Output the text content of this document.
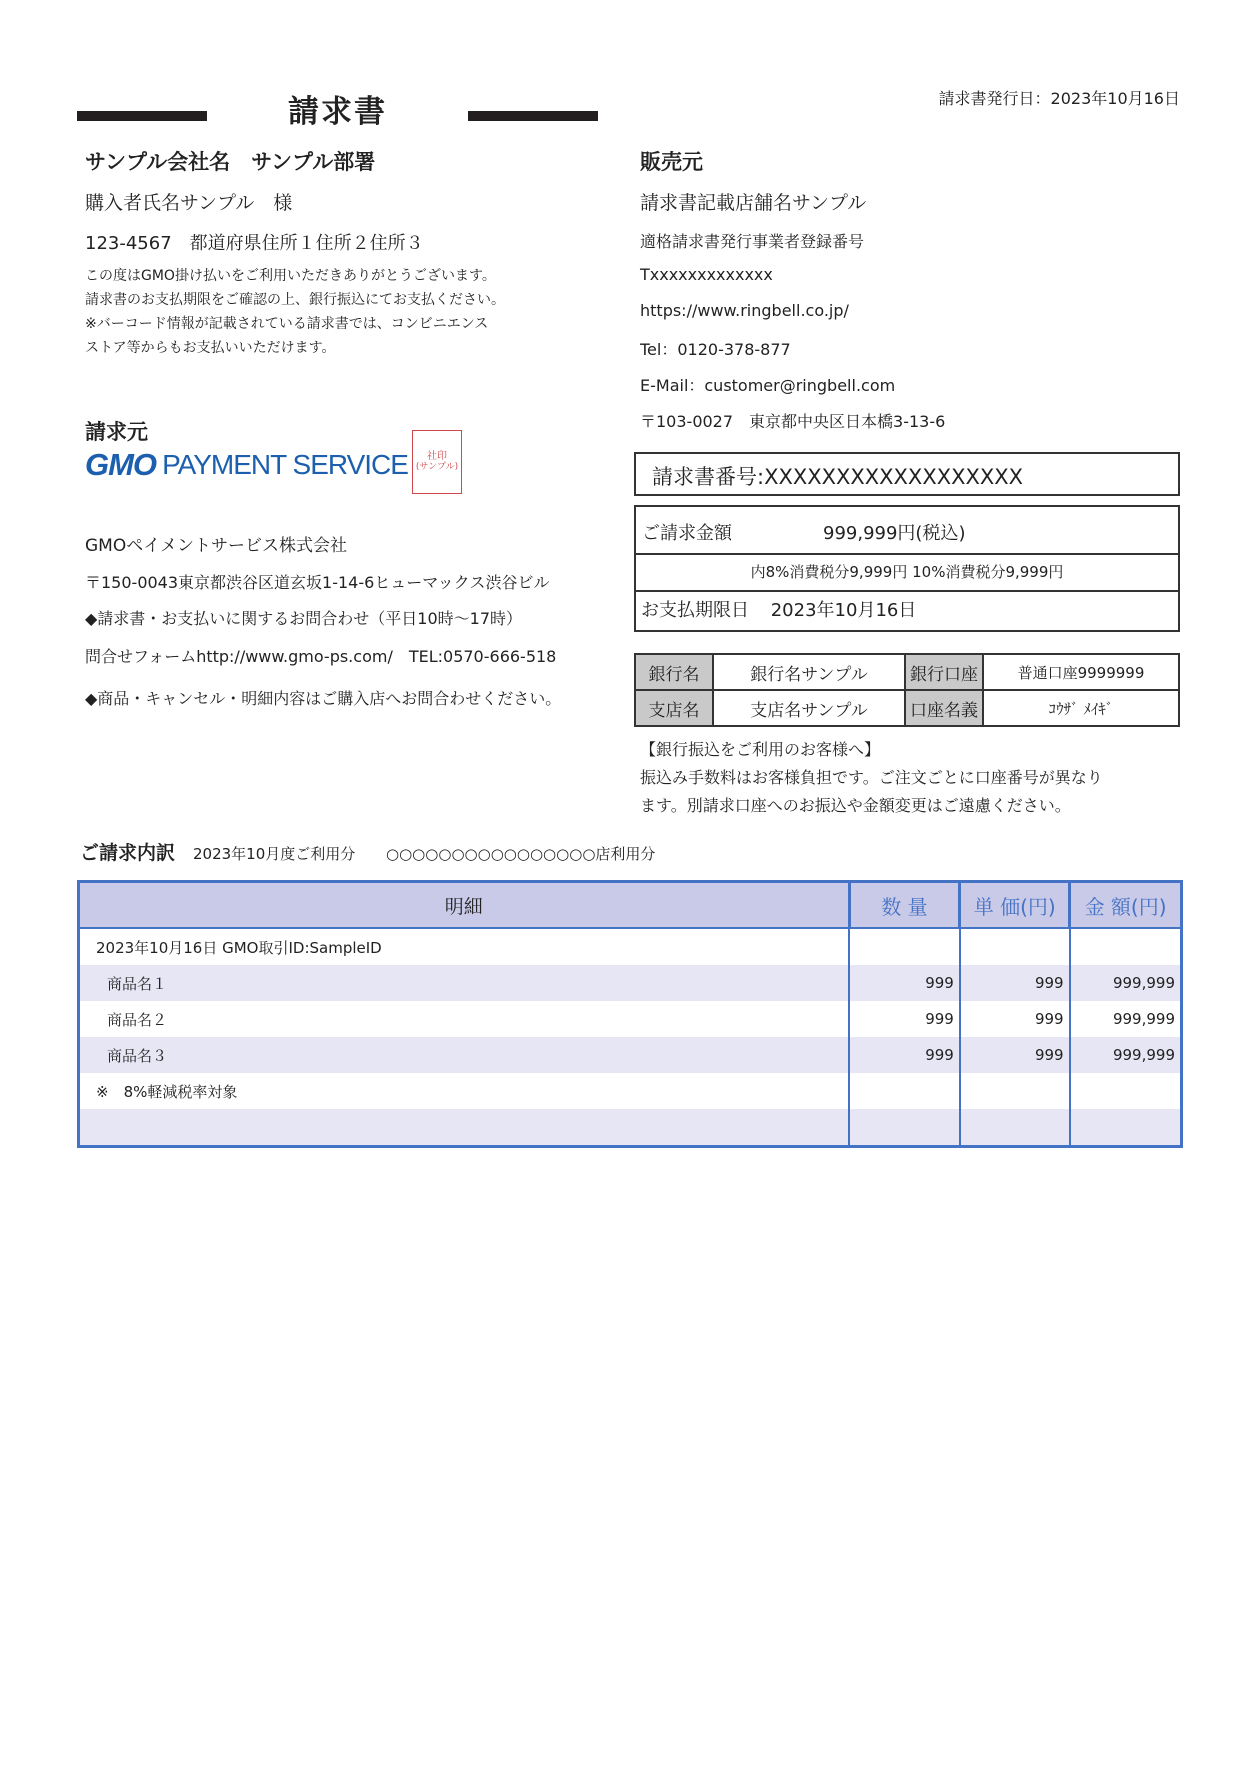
請求書	請求書発行日：2023年10月16日
サンプル会社名　サンプル部署
購入者氏名サンプル　様
123-4567　都道府県住所１住所２住所３
この度はGMO掛け払いをご利用いただきありがとうございます。
請求書のお支払期限をご確認の上、銀行振込にてお支払ください。
※バーコード情報が記載されている請求書では、コンビニエンス
ストア等からもお支払いいただけます。
販売元
請求書記載店舗名サンプル
適格請求書発行事業者登録番号
Txxxxxxxxxxxxx
https://www.ringbell.co.jp/
Tel：0120-378-877
E-Mail：customer@ringbell.com
〒103-0027　東京都中央区日本橋3-13-6
請求元
GMO PAYMENT SERVICE 社印
(サンプル)
GMOペイメントサービス株式会社
〒150-0043東京都渋谷区道玄坂1-14-6ヒューマックス渋谷ビル
◆請求書・お支払いに関するお問合わせ（平日10時～17時）
問合せフォームhttp://www.gmo-ps.com/　TEL:0570-666-518
◆商品・キャンセル・明細内容はご購入店へお問合わせください。
請求書番号:XXXXXXXXXXXXXXXXXX
ご請求金額	999,999円(税込)
内8%消費税分9,999円 10%消費税分9,999円
お支払期限日 2023年10月16日
銀行名	銀行名サンプル	銀行口座	普通口座9999999
支店名	支店名サンプル	口座名義	ｺｳｻﾞ ﾒｲｷﾞ
【銀行振込をご利用のお客様へ】
振込み手数料はお客様負担です。ご注文ごとに口座番号が異なり
ます。別請求口座へのお振込や金額変更はご遠慮ください。
ご請求内訳 2023年10月度ご利用分 ○○○○○○○○○○○○○○○○店利用分
明細	数 量	単 価(円)	金 額(円)
2023年10月16日 GMO取引ID:SampleID			
商品名１	999	999	999,999
商品名２	999	999	999,999
商品名３	999	999	999,999
※　8%軽減税率対象			
